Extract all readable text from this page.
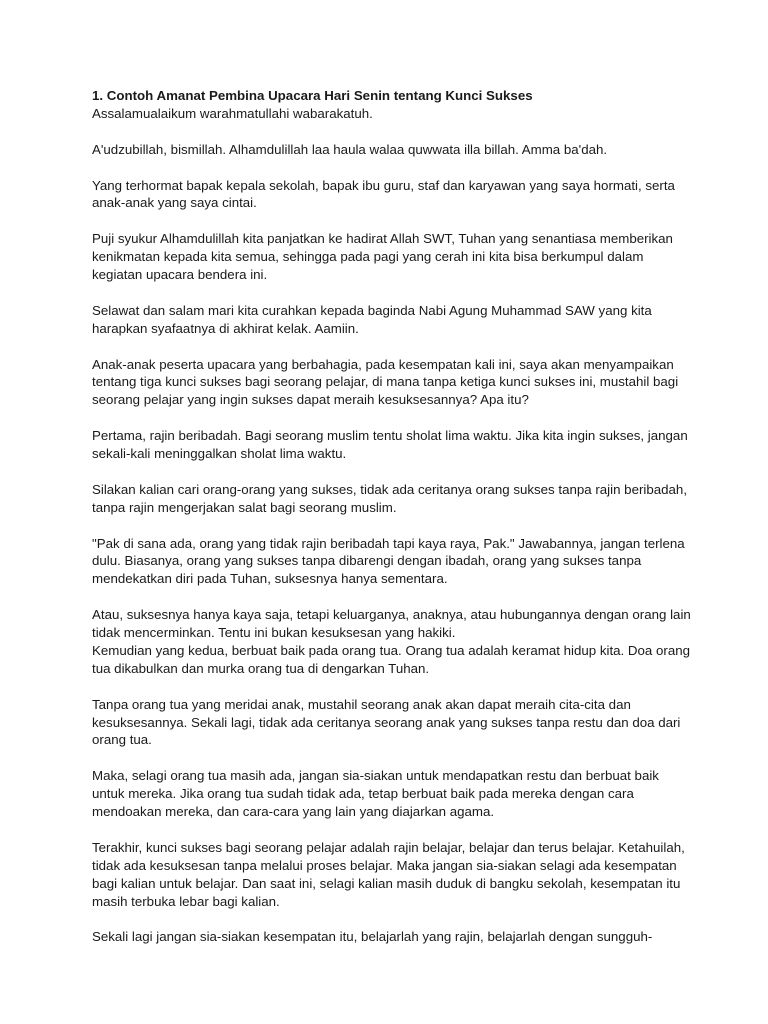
1. Contoh Amanat Pembina Upacara Hari Senin tentang Kunci Sukses

Assalamualaikum warahmatullahi wabarakatuh.

A'udzubillah, bismillah. Alhamdulillah laa haula walaa quwwata illa billah. Amma ba'dah.

Yang terhormat bapak kepala sekolah, bapak ibu guru, staf dan karyawan yang saya hormati, serta
anak-anak yang saya cintai.

Puji syukur Alhamdulillah kita panjatkan ke hadirat Allah SWT, Tuhan yang senantiasa memberikan
kenikmatan kepada kita semua, sehingga pada pagi yang cerah ini kita bisa berkumpul dalam
kegiatan upacara bendera ini.

Selawat dan salam mari kita curahkan kepada baginda Nabi Agung Muhammad SAW yang kita
harapkan syafaatnya di akhirat kelak. Aamiin.

Anak-anak peserta upacara yang berbahagia, pada kesempatan kali ini, saya akan menyampaikan
tentang tiga kunci sukses bagi seorang pelajar, di mana tanpa ketiga kunci sukses ini, mustahil bagi
seorang pelajar yang ingin sukses dapat meraih kesuksesannya? Apa itu?

Pertama, rajin beribadah. Bagi seorang muslim tentu sholat lima waktu. Jika kita ingin sukses, jangan
sekali-kali meninggalkan sholat lima waktu.

Silakan kalian cari orang-orang yang sukses, tidak ada ceritanya orang sukses tanpa rajin beribadah,
tanpa rajin mengerjakan salat bagi seorang muslim.

"Pak di sana ada, orang yang tidak rajin beribadah tapi kaya raya, Pak." Jawabannya, jangan terlena
dulu. Biasanya, orang yang sukses tanpa dibarengi dengan ibadah, orang yang sukses tanpa
mendekatkan diri pada Tuhan, suksesnya hanya sementara.

Atau, suksesnya hanya kaya saja, tetapi keluarganya, anaknya, atau hubungannya dengan orang lain
tidak mencerminkan. Tentu ini bukan kesuksesan yang hakiki.
Kemudian yang kedua, berbuat baik pada orang tua. Orang tua adalah keramat hidup kita. Doa orang
tua dikabulkan dan murka orang tua di dengarkan Tuhan.

Tanpa orang tua yang meridai anak, mustahil seorang anak akan dapat meraih cita-cita dan
kesuksesannya. Sekali lagi, tidak ada ceritanya seorang anak yang sukses tanpa restu dan doa dari
orang tua.

Maka, selagi orang tua masih ada, jangan sia-siakan untuk mendapatkan restu dan berbuat baik
untuk mereka. Jika orang tua sudah tidak ada, tetap berbuat baik pada mereka dengan cara
mendoakan mereka, dan cara-cara yang lain yang diajarkan agama.

Terakhir, kunci sukses bagi seorang pelajar adalah rajin belajar, belajar dan terus belajar. Ketahuilah,
tidak ada kesuksesan tanpa melalui proses belajar. Maka jangan sia-siakan selagi ada kesempatan
bagi kalian untuk belajar. Dan saat ini, selagi kalian masih duduk di bangku sekolah, kesempatan itu
masih terbuka lebar bagi kalian.

Sekali lagi jangan sia-siakan kesempatan itu, belajarlah yang rajin, belajarlah dengan sungguh-
